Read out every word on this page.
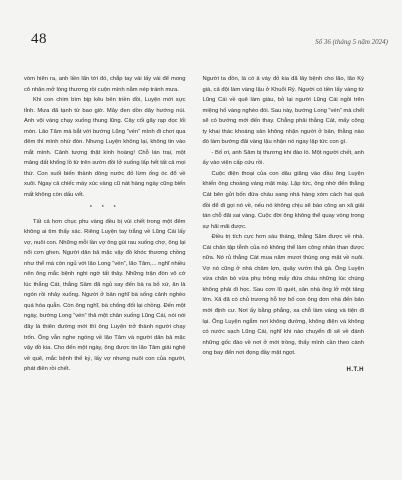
48	Số 36 (tháng 5 năm 2024)

vòm hiên ra, anh liền lẩn tới đó, chắp tay vái lấy vái để mong cô nhân mở lòng thương rồi cuộn mình nằm nép tránh mưa.

Khi con chim bìm bịp kêu bên triền đồi, Luyện mới sực tỉnh. Mưa đã tạnh từ bao giờ. Mây đen dồn dây hướng núi. Anh vội vàng chạy xuống thung lũng. Cây cối gãy rạp dọc lối mòn. Lão Tâm mà bắt với bướng Lũng “vén” mình đi chơi qua đêm thì mình nhừ đòn. Nhưng Luyện không lại, không tin vào mắt mình. Cảnh tượng thật kinh hoàng! Chỗ lán trại, một mảng đất khổng lồ từ trên sườn đồi lở xuống lấp hết tất cả mọi thứ. Con suối biến thành dòng nước đỏ lừm ống óc đổ về xuôi. Ngay cả chiếc máy xúc vàng cũ nát hàng ngày cũng biến mất không còn dấu vết.

* * *

Tất cả hơn chục phu vàng đều bị vùi chết trong một đêm không ai tìm thấy xác. Riêng Luyện tay trắng về Lũng Cái lấy vợ, nuôi con. Những mỗi lần vợ ông gùi rau xuống chợ, ông lại nổi cơn ghen. Người dân bả mặc vậy đồ khóc thương chồng như thể mà còn ngủ với lão Long “vén”, lão Tâm,... nghĩ nhiều nên ông mắc bệnh nghi ngờ tất thảy. Những trận đòn vô cớ lúc thắng Cát, thắng Sâm đã ngủ say đến bà ra bỏ xứ, ăn là ngón rồi nhảy xuống. Người ở bản nghĩ bà sống cảnh nghèo quá hóa quẫn. Còn ông nghĩ, bà chống đối lại chồng. Đến một ngày, bướng Long “vén” thả một chân xuống Lũng Cái, nói nói đây là thiên đường mới thì ông Luyện trở thành người chạy trốn. Ông vẫn nghe ngóng về lão Tâm và người dân bả mặc vậy đồ kia. Cho đến một ngày, ông được tin lão Tâm giải nghệ về quê, mắc bệnh thế kỷ, lấy vợ nhưng nuôi con của người, phát điên rồi chết.

Người ta đồn, là có ả váy đỏ kia đã lây bệnh cho lão, lão Ký già, cả đội làm vàng lậu ở Khuổi Rỷ. Người có tiền lấy vàng từ Lũng Cái về quê làm giàu, bỏ lại người Lũng Cái ngồi trên miệng hố vàng nghèo đói. Sau này, bướng Long “vén” mà chết sẽ có bướng mới đến thay. Chẳng phải thằng Cát, mấy công ty khai thác khoáng sản không nhận người ở bản, thằng nào đó làm bướng đãi vàng lậu nhận nó ngay lập tức con gì.

- Bố ơi, anh Sâm bị thương khi đào lò. Một người chết, anh ấy vào viện cấp cứu rồi.

Cuộc điện thoại của con dâu giăng vào đầu ông Luyện khiến ông choáng váng mặt mày. Lập tức, ông nhờ đến thằng Cát bên gửi bốn đứa cháu sang nhà hàng xóm cách hai quả đồi để đi gọi nó về, nếu nó không chịu sẽ báo công an xã giải tán chỗ đãi sai vàng. Cuộc đời ông không thể quay vòng trong sự hãi mãi được.

Điều trị tích cực hơn sáu tháng, thằng Sâm được về nhà. Cái chân tập tễnh của nó không thể làm công nhân than được nữa. Nó rủ thằng Cát mua năm mươi thùng ong mật về nuôi. Vợ nó cũng ở nhà chăm lợn, quây vườn thả gà. Ông Luyện vừa chăn bò vừa phụ trông mấy đứa cháu những lúc chúng không phải đi học. Sau cơn lũ quét, sân nhà ông lở một tảng lớn. Xã đã có chủ trương hỗ trợ bố con ông đơn nhà đến bản mới định cư. Nơi ấy bằng phẳng, xa chỗ làm vàng và tiện đi lại. Ông Luyện ngắm nơi không đường, không điện và không có nước sạch Lũng Cái, nghĩ khi nào chuyển đi sẽ về đánh những gốc đào về nơi ở mới trồng, thấy mình cần theo cành ong bay đến nơi đọng đầy mật ngọt.

H.T.H
